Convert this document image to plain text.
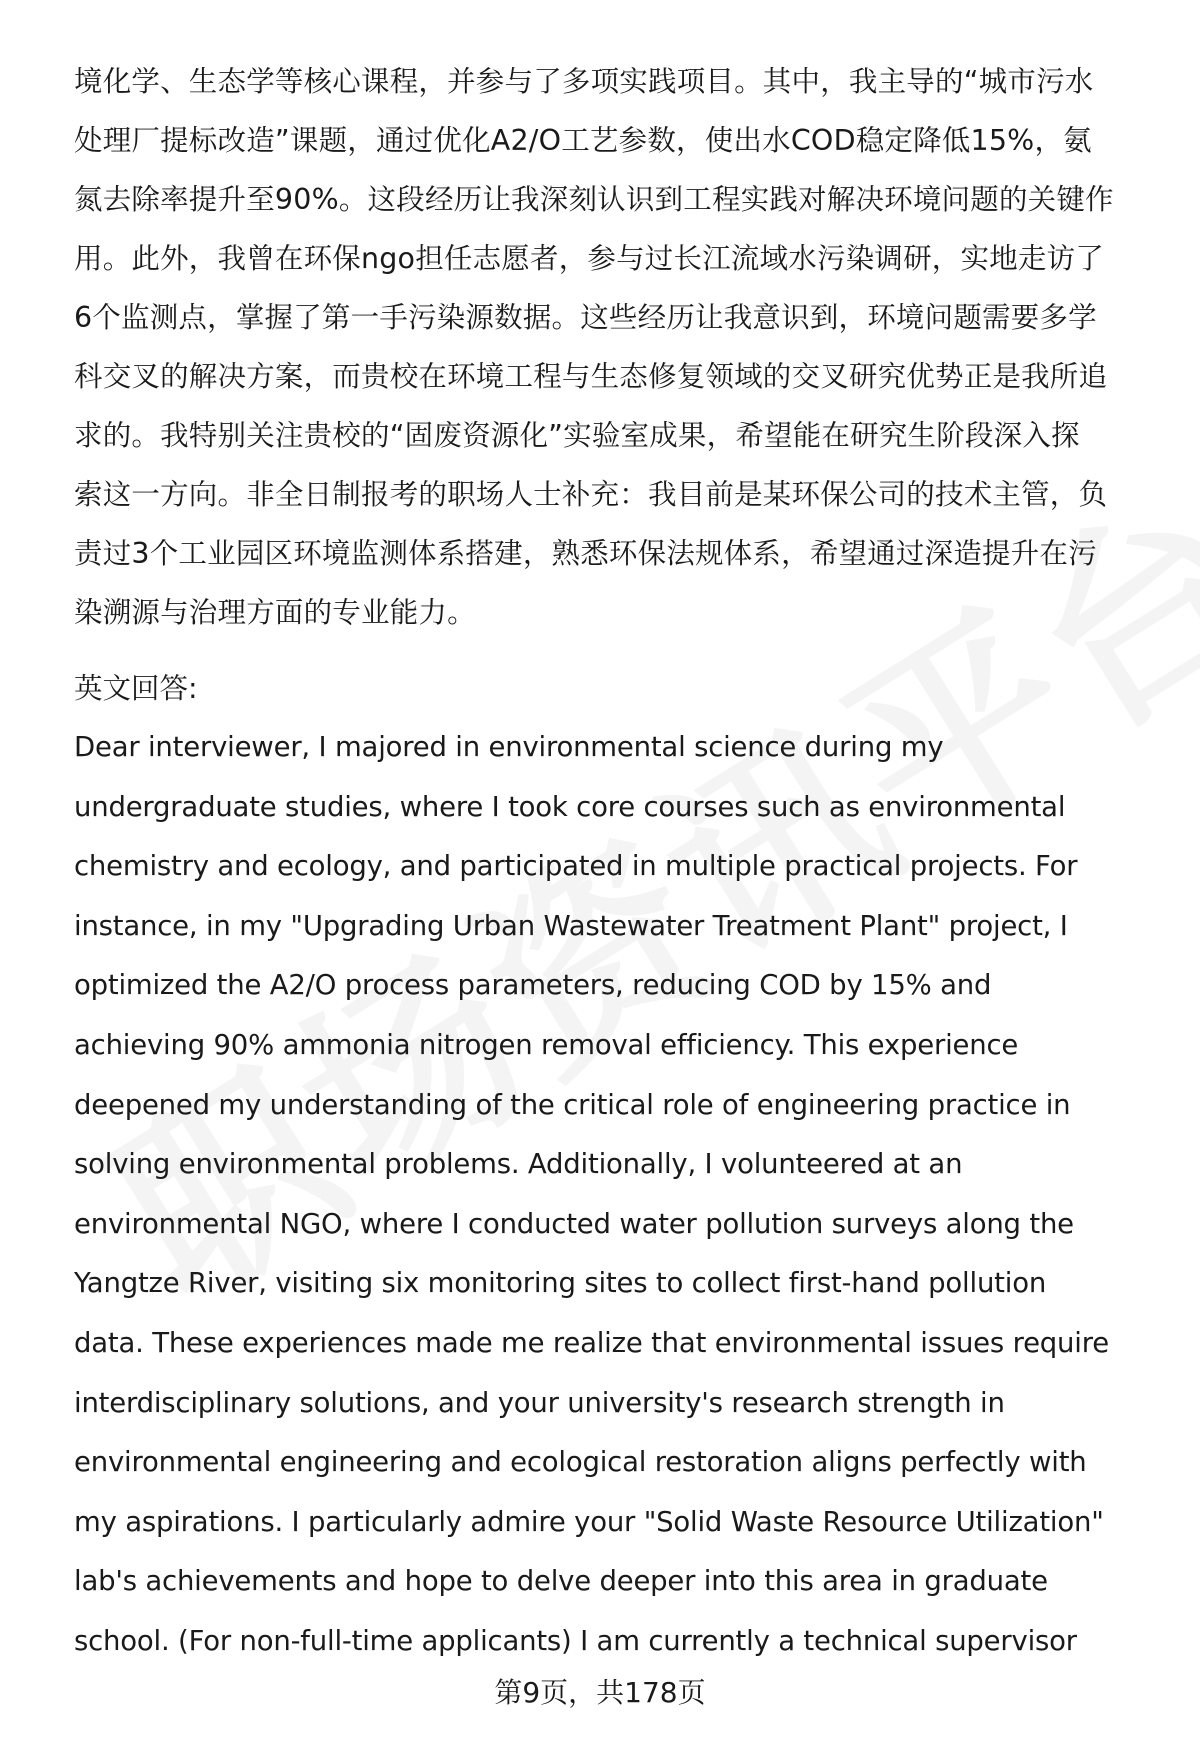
境化学、生态学等核心课程，并参与了多项实践项目。其中，我主导的“城市污水
处理厂提标改造”课题，通过优化A2/O工艺参数，使出水COD稳定降低15%，氨
氮去除率提升至90%。这段经历让我深刻认识到工程实践对解决环境问题的关键作
用。此外，我曾在环保ngo担任志愿者，参与过长江流域水污染调研，实地走访了
6个监测点，掌握了第一手污染源数据。这些经历让我意识到，环境问题需要多学
科交叉的解决方案，而贵校在环境工程与生态修复领域的交叉研究优势正是我所追
求的。我特别关注贵校的“固废资源化”实验室成果，希望能在研究生阶段深入探
索这一方向。非全日制报考的职场人士补充：我目前是某环保公司的技术主管，负
责过3个工业园区环境监测体系搭建，熟悉环保法规体系，希望通过深造提升在污
染溯源与治理方面的专业能力。
英文回答:
Dear interviewer, I majored in environmental science during my
undergraduate studies, where I took core courses such as environmental
chemistry and ecology, and participated in multiple practical projects. For
instance, in my "Upgrading Urban Wastewater Treatment Plant" project, I
optimized the A2/O process parameters, reducing COD by 15% and
achieving 90% ammonia nitrogen removal efficiency. This experience
deepened my understanding of the critical role of engineering practice in
solving environmental problems. Additionally, I volunteered at an
environmental NGO, where I conducted water pollution surveys along the
Yangtze River, visiting six monitoring sites to collect first-hand pollution
data. These experiences made me realize that environmental issues require
interdisciplinary solutions, and your university's research strength in
environmental engineering and ecological restoration aligns perfectly with
my aspirations. I particularly admire your "Solid Waste Resource Utilization"
lab's achievements and hope to delve deeper into this area in graduate
school. (For non-full-time applicants) I am currently a technical supervisor
第9页，共178页
